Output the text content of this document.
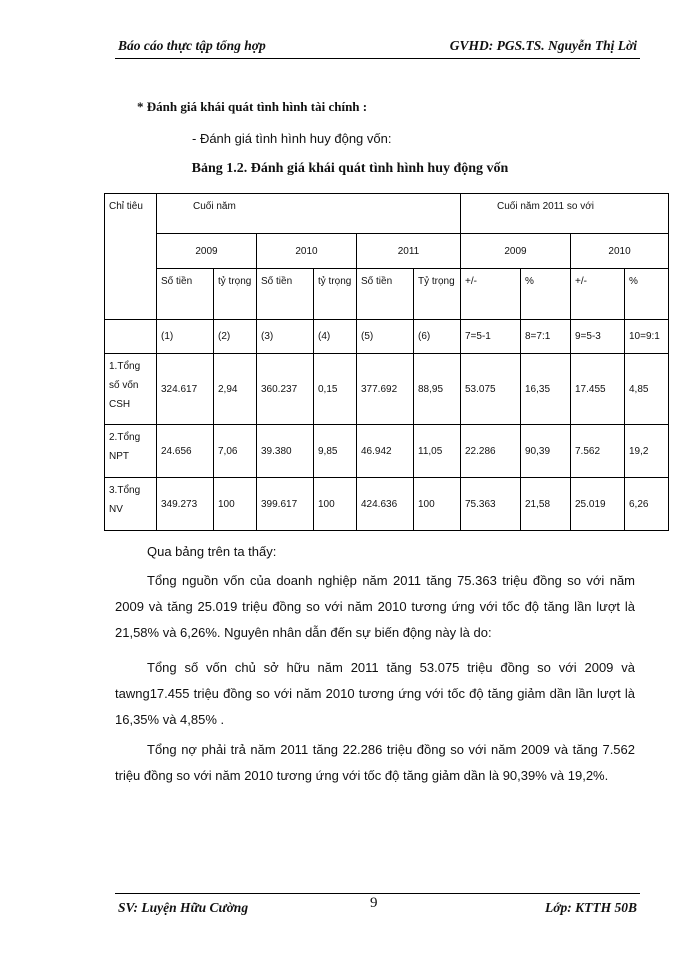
Báo cáo thực tập tổng hợp	GVHD: PGS.TS. Nguyễn Thị Lời
* Đánh giá khái quát tình hình tài chính :
- Đánh giá tình hình huy động vốn:
Bảng 1.2. Đánh giá khái quát tình hình huy động vốn
Chỉ tiêu	Cuối năm						Cuối năm 2011 so với			
	2009		2010		2011		2009		2010	
	Số tiền	tỷ trọng	Số tiền	tỷ trọng	Số tiền	Tỷ trọng	+/-	%	+/-	%
	(1)	(2)	(3)	(4)	(5)	(6)	7=5-1	8=7:1	9=5-3	10=9:1
1.Tổng số vốn CSH	324.617	2,94	360.237	0,15	377.692	88,95	53.075	16,35	17.455	4,85
2.Tổng NPT	24.656	7,06	39.380	9,85	46.942	11,05	22.286	90,39	7.562	19,2
3.Tổng NV	349.273	100	399.617	100	424.636	100	75.363	21,58	25.019	6,26
Qua bảng trên ta thấy:
Tổng nguồn vốn của doanh nghiệp năm 2011 tăng 75.363 triệu đồng so với năm 2009 và tăng 25.019 triệu đồng so với năm 2010 tương ứng với tốc độ tăng lần lượt là 21,58% và 6,26%. Nguyên nhân dẫn đến sự biến động này là do:
Tổng số vốn chủ sở hữu năm 2011 tăng 53.075 triệu đồng so với 2009 và tawng17.455 triệu đồng so với năm 2010 tương ứng với tốc độ tăng giảm dần lần lượt là 16,35% và 4,85% .
Tổng nợ phải trả năm 2011 tăng 22.286 triệu đồng so với năm 2009 và tăng 7.562 triệu đồng so với năm 2010 tương ứng với tốc độ tăng giảm dần là 90,39% và 19,2%.
SV: Luyện Hữu Cường	9	Lớp: KTTH 50B
